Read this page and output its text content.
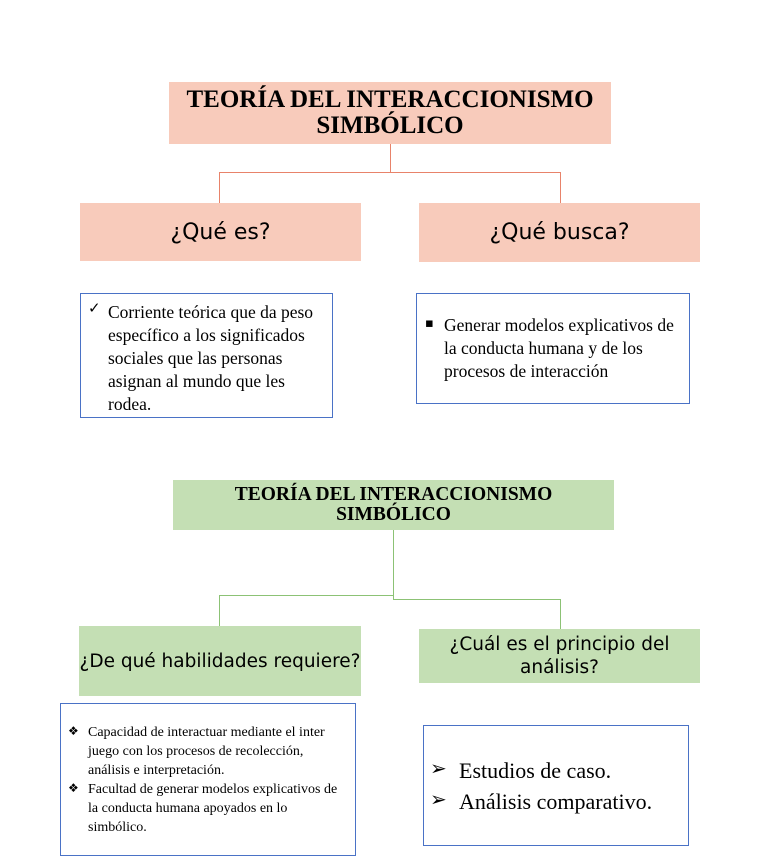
TEORÍA DEL INTERACCIONISMO SIMBÓLICO
¿Qué es?	¿Qué busca?
✓ Corriente teórica que da peso específico a los significados sociales que las personas asignan al mundo que les rodea.
▪ Generar modelos explicativos de la conducta humana y de los procesos de interacción
TEORÍA DEL INTERACCIONISMO SIMBÓLICO
¿De qué habilidades requiere?
¿Cuál es el principio del análisis?
❖ Capacidad de interactuar mediante el inter juego con los procesos de recolección, análisis e interpretación.
❖ Facultad de generar modelos explicativos de la conducta humana apoyados en lo simbólico.
➢ Estudios de caso.
➢ Análisis comparativo.
